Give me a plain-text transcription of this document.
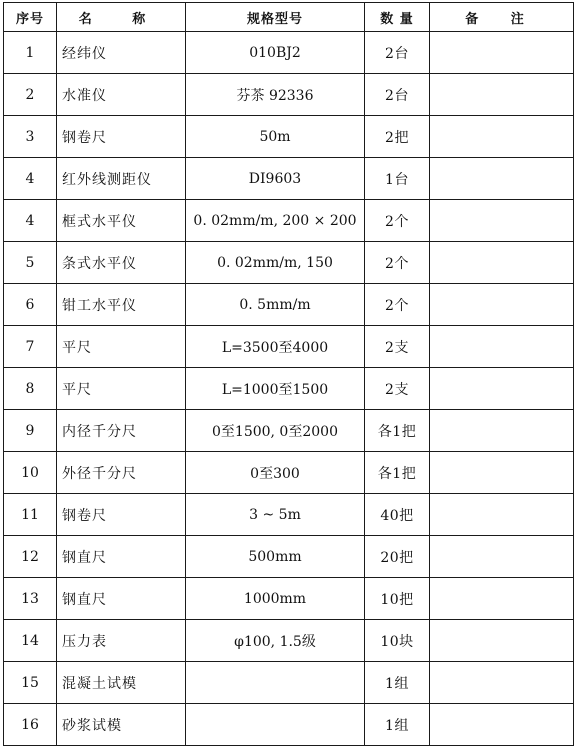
序号	名 称	规格型号	数 量	备 注
1	经纬仪	010BJ2	2台	
2	水准仪	芬茶 92336	2台	
3	钢卷尺	50m	2把	
4	红外线测距仪	DI9603	1台	
4	框式水平仪	0. 02mm/m, 200 × 200	2个	
5	条式水平仪	0. 02mm/m, 150	2个	
6	钳工水平仪	0. 5mm/m	2个	
7	平尺	L=3500至4000	2支	
8	平尺	L=1000至1500	2支	
9	内径千分尺	0至1500, 0至2000	各1把	
10	外径千分尺	0至300	各1把	
11	钢卷尺	3 ~ 5m	40把	
12	钢直尺	500mm	20把	
13	钢直尺	1000mm	10把	
14	压力表	φ100, 1.5级	10块	
15	混凝土试模		1组	
16	砂浆试模		1组	
